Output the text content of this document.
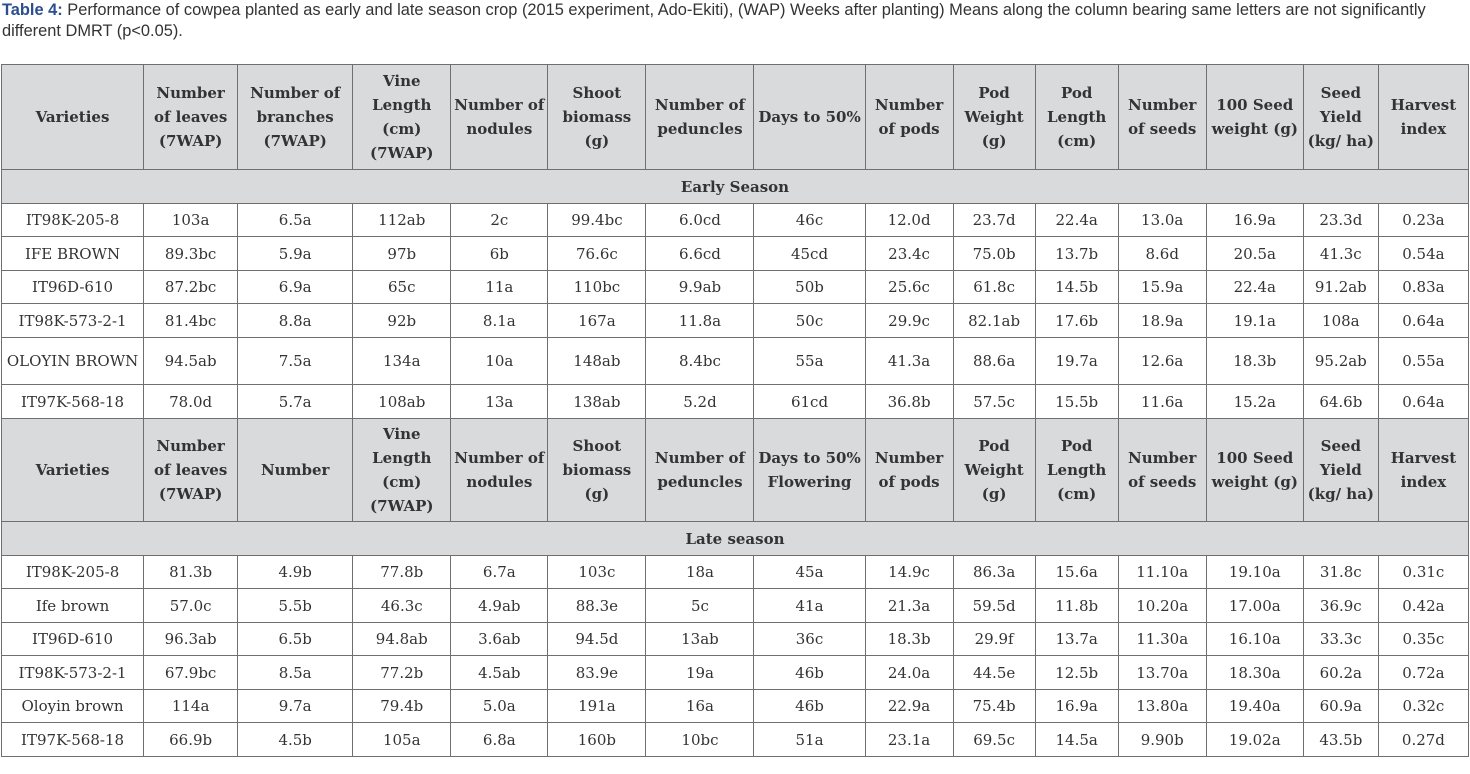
Table 4: Performance of cowpea planted as early and late season crop (2015 experiment, Ado-Ekiti), (WAP) Weeks after planting) Means along the column bearing same letters are not significantly different DMRT (p<0.05).

Varieties	Number of leaves (7WAP)	Number of branches (7WAP)	Vine Length (cm) (7WAP)	Number of nodules	Shoot biomass (g)	Number of peduncles	Days to 50%	Number of pods	Pod Weight (g)	Pod Length (cm)	Number of seeds	100 Seed weight (g)	Seed Yield (kg/ ha)	Harvest index
Early Season														
IT98K-205-8	103a	6.5a	112ab	2c	99.4bc	6.0cd	46c	12.0d	23.7d	22.4a	13.0a	16.9a	23.3d	0.23a
IFE BROWN	89.3bc	5.9a	97b	6b	76.6c	6.6cd	45cd	23.4c	75.0b	13.7b	8.6d	20.5a	41.3c	0.54a
IT96D-610	87.2bc	6.9a	65c	11a	110bc	9.9ab	50b	25.6c	61.8c	14.5b	15.9a	22.4a	91.2ab	0.83a
IT98K-573-2-1	81.4bc	8.8a	92b	8.1a	167a	11.8a	50c	29.9c	82.1ab	17.6b	18.9a	19.1a	108a	0.64a
OLOYIN BROWN	94.5ab	7.5a	134a	10a	148ab	8.4bc	55a	41.3a	88.6a	19.7a	12.6a	18.3b	95.2ab	0.55a
IT97K-568-18	78.0d	5.7a	108ab	13a	138ab	5.2d	61cd	36.8b	57.5c	15.5b	11.6a	15.2a	64.6b	0.64a
Varieties	Number of leaves (7WAP)	Number	Vine Length (cm) (7WAP)	Number of nodules	Shoot biomass (g)	Number of peduncles	Days to 50% Flowering	Number of pods	Pod Weight (g)	Pod Length (cm)	Number of seeds	100 Seed weight (g)	Seed Yield (kg/ ha)	Harvest index
Late season														
IT98K-205-8	81.3b	4.9b	77.8b	6.7a	103c	18a	45a	14.9c	86.3a	15.6a	11.10a	19.10a	31.8c	0.31c
Ife brown	57.0c	5.5b	46.3c	4.9ab	88.3e	5c	41a	21.3a	59.5d	11.8b	10.20a	17.00a	36.9c	0.42a
IT96D-610	96.3ab	6.5b	94.8ab	3.6ab	94.5d	13ab	36c	18.3b	29.9f	13.7a	11.30a	16.10a	33.3c	0.35c
IT98K-573-2-1	67.9bc	8.5a	77.2b	4.5ab	83.9e	19a	46b	24.0a	44.5e	12.5b	13.70a	18.30a	60.2a	0.72a
Oloyin brown	114a	9.7a	79.4b	5.0a	191a	16a	46b	22.9a	75.4b	16.9a	13.80a	19.40a	60.9a	0.32c
IT97K-568-18	66.9b	4.5b	105a	6.8a	160b	10bc	51a	23.1a	69.5c	14.5a	9.90b	19.02a	43.5b	0.27d
